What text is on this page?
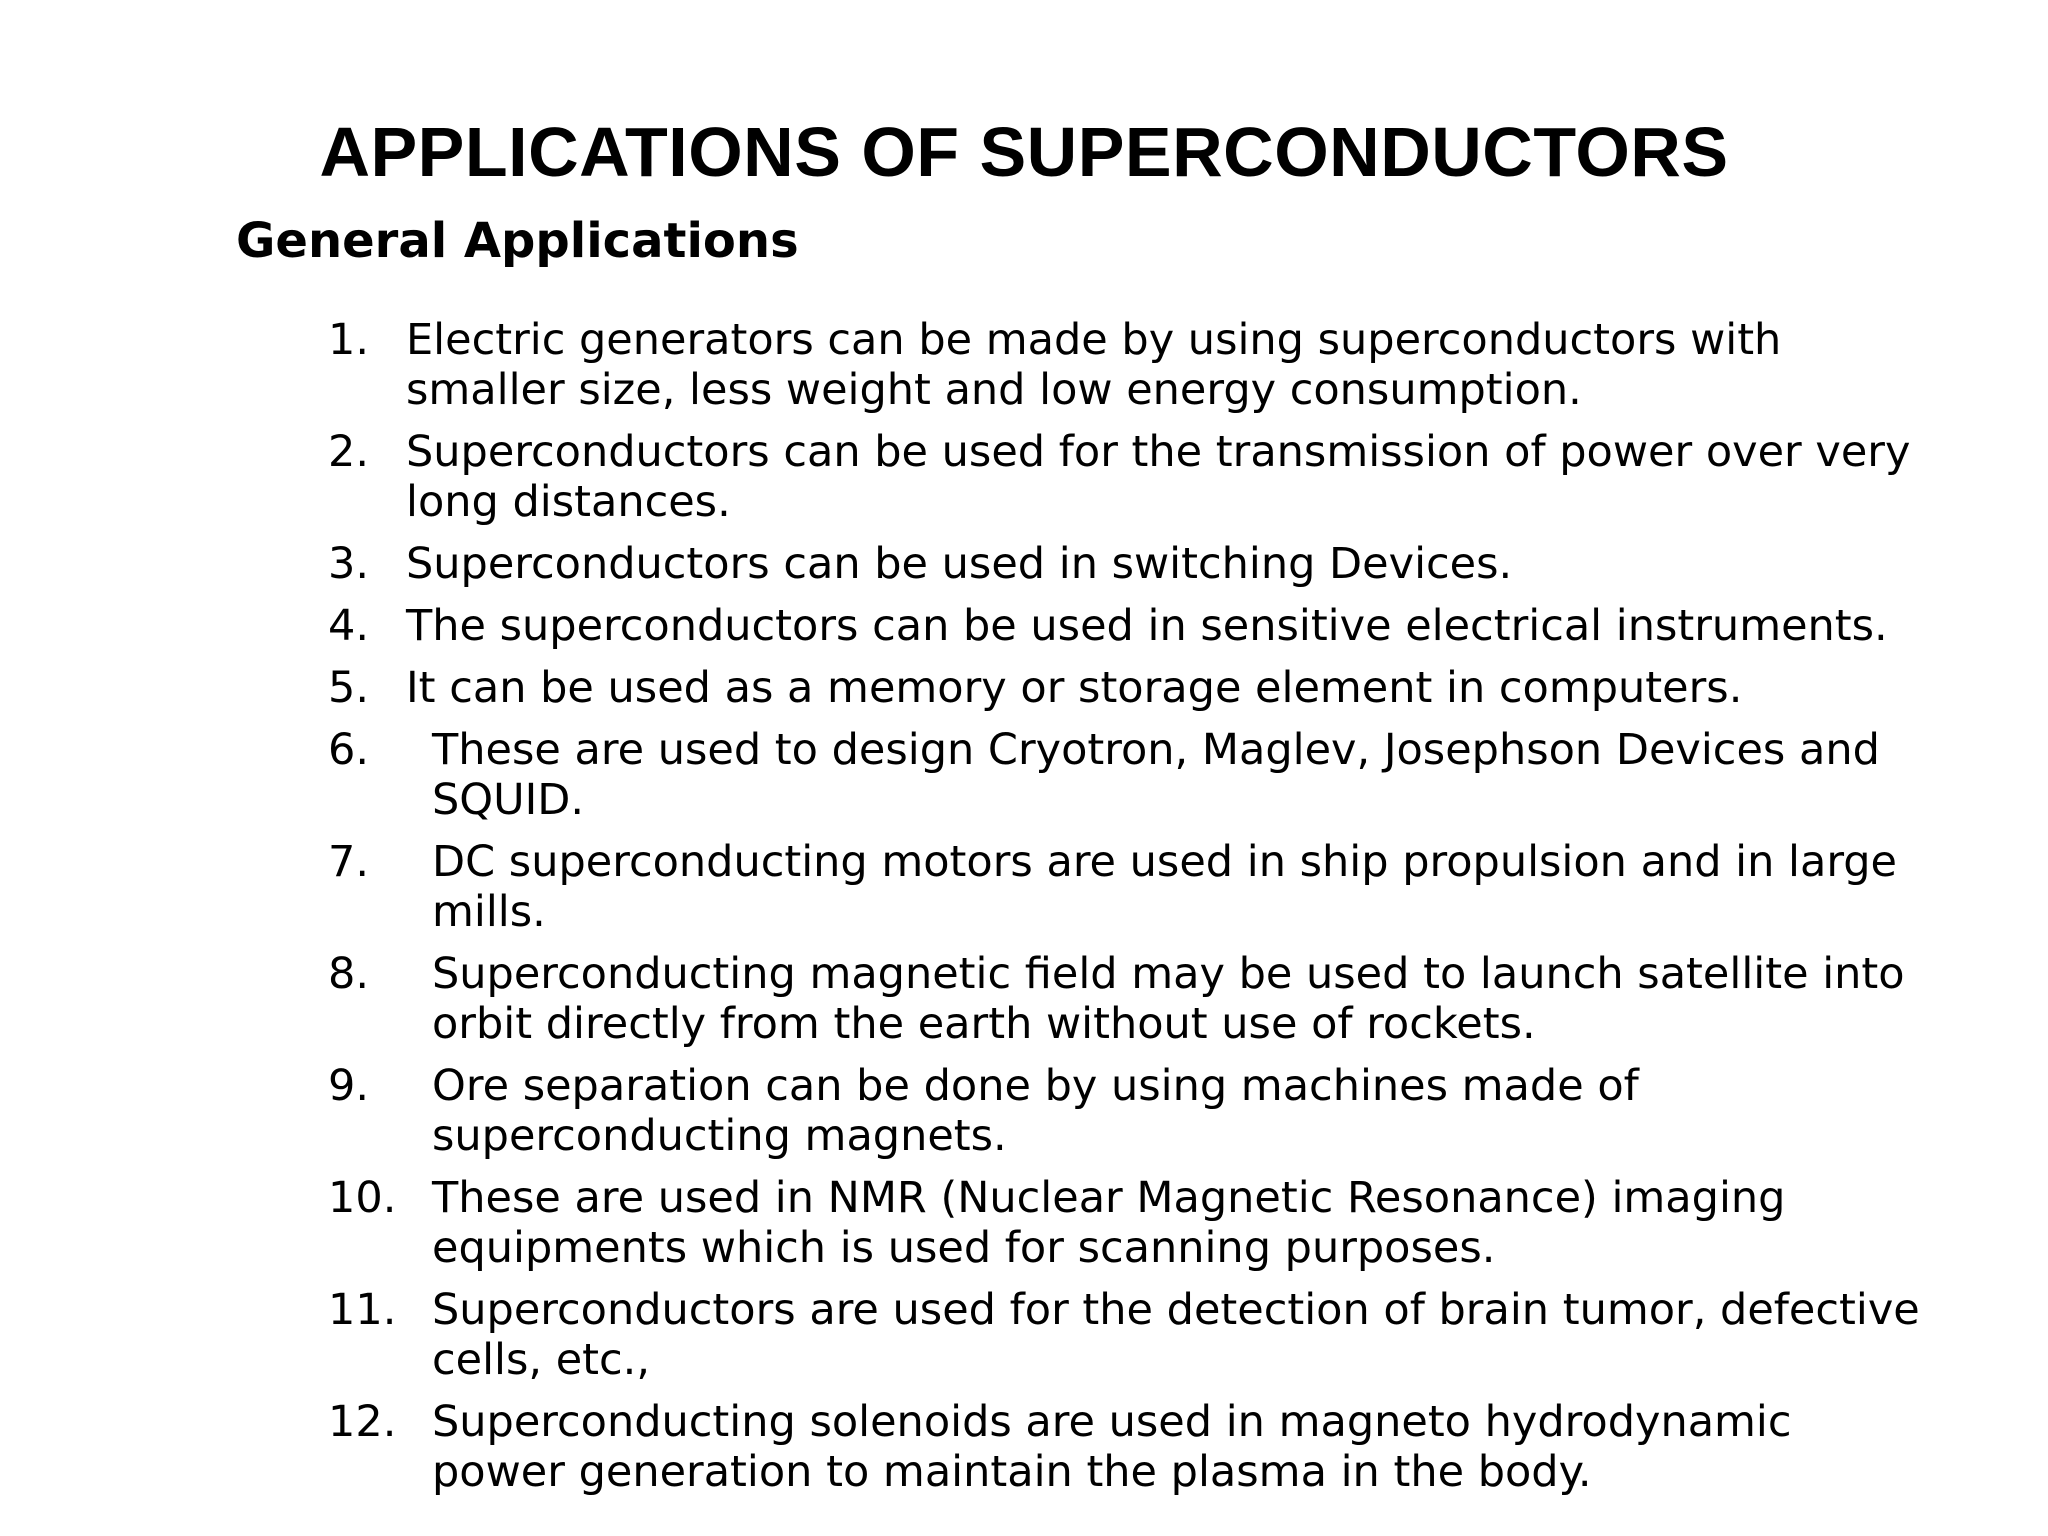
APPLICATIONS OF SUPERCONDUCTORS
General Applications
1. Electric generators can be made by using superconductors with smaller size, less weight and low energy consumption.
2. Superconductors can be used for the transmission of power over very long distances.
3. Superconductors can be used in switching Devices.
4. The superconductors can be used in sensitive electrical instruments.
5. It can be used as a memory or storage element in computers.
6. These are used to design Cryotron, Maglev, Josephson Devices and SQUID.
7. DC superconducting motors are used in ship propulsion and in large mills.
8. Superconducting magnetic field may be used to launch satellite into orbit directly from the earth without use of rockets.
9. Ore separation can be done by using machines made of superconducting magnets.
10. These are used in NMR (Nuclear Magnetic Resonance) imaging equipments which is used for scanning purposes.
11. Superconductors are used for the detection of brain tumor, defective cells, etc.,
12. Superconducting solenoids are used in magneto hydrodynamic power generation to maintain the plasma in the body.
